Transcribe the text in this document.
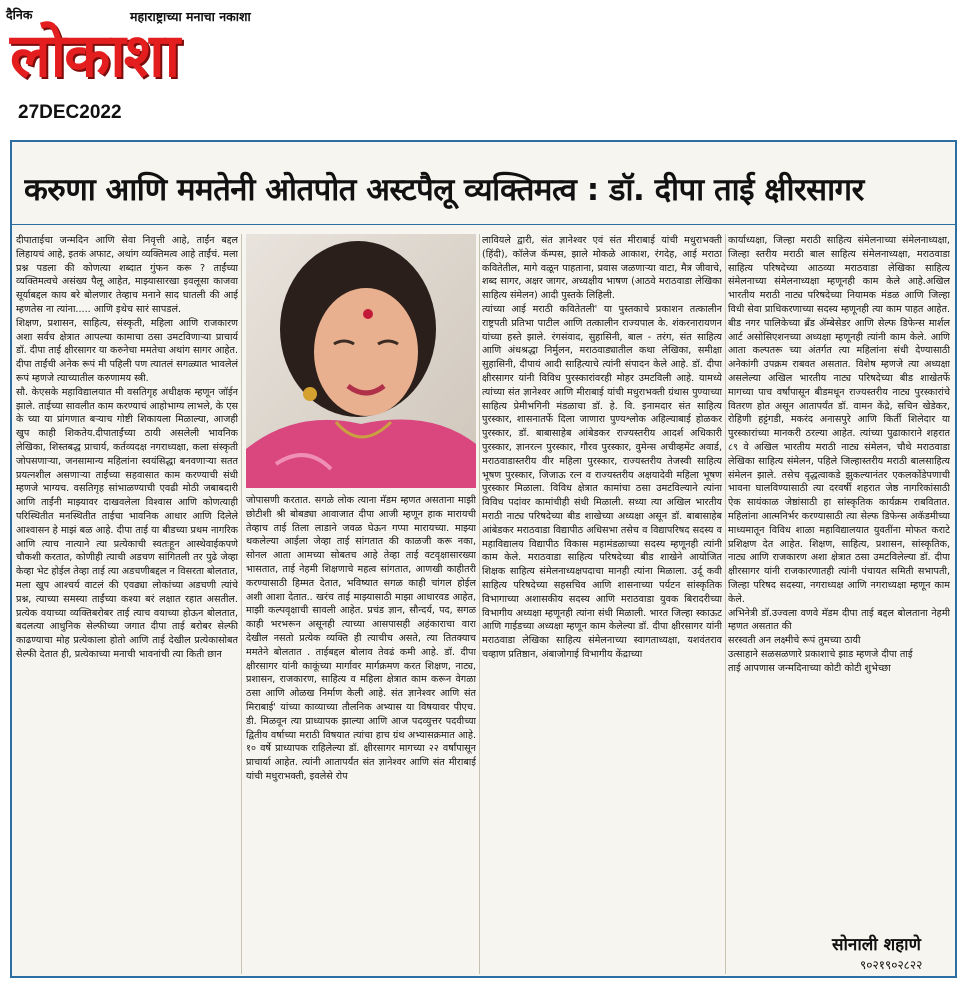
दैनिक	महाराष्ट्राच्या मनाचा नकाशा
लोकाशा
27DEC2022
करुणा आणि ममतेनी ओतपोत अस्टपैलू व्यक्तिमत्व : डॉ. दीपा ताई क्षीरसागर

दीपाताईचा जन्मदिन आणि सेवा निवृत्ती आहे, ताईंन बद्दल लिहायचं आहे, इतकं अफाट, अथांग व्यक्तिमत्व आहे ताईंचं. मला प्रश्न पडला की कोणत्या शब्दात गुंफन करू ? ताईंच्या व्यक्तिमत्वचे असंख्य पैलू आहेत, माझ्यासारखा इवलूसा काजवा सूर्याबद्दल काय बरे बोलणार तेव्हाच मनाने साद घातली की आई म्हणतेस ना त्यांना..... आणि इथेच सारं सापडलं.

शिक्षण, प्रशासन, साहित्य, संस्कृती, महिला आणि राजकारण अशा सर्वच क्षेत्रात आपल्या कामाचा ठसा उमटविणाऱ्या प्राचार्य डॉ. दीपा ताई क्षीरसागर या करुनेचा ममतेचा अथांग सागर आहेत. दीपा ताईंची अनेक रूपं मी पहिली पण त्यातलं सगळ्यात भावलेलं रूपं म्हणजे त्याच्यातील करुणामय स्त्री.

सौ. केएसके महाविद्यालयात मी वसतिगृह अधीक्षक म्हणून जॉईन झाले. ताईच्या सावलीत काम करण्याचं आहोभाग्य लाभले, के एस के च्या या प्रांगणात बऱ्याच गोष्टी शिकायला मिळाल्या, आजही खुप काही शिकतेय.दीपाताईंच्या ठायी असलेली भावनिक लेखिका, शिस्तबद्ध प्राचार्य, कर्तव्यदक्ष नगराध्यक्षा, कला संस्कृती जोपसणाऱ्या, जनसामान्य महिलांना स्वयंसिद्धा बनवणाऱ्या सतत प्रयत्नशील असणाऱ्या ताईंच्या सहवासात काम करण्याची संधी म्हणजे भाग्यच. वसतिगृह सांभाळण्याची एवढी मोठी जबाबदारी आणि ताईंनी माझ्यावर दाखवलेला विश्वास आणि कोणत्याही परिस्थितीत मनस्थितीत ताईचा भावनिक आधार आणि दिलेले आश्वासन हे माझं बळ आहे. दीपा ताई या बीडच्या प्रथम नागरिक आणि त्याच नात्याने त्या प्रत्येकाची स्वतःहून आस्थेवाईकपणे चौकशी करतात, कोणीही त्याची अडचण सांगितली तर पुढे जेव्हा केव्हा भेट होईल तेव्हा ताई त्या अडचणीबद्दल न विसरता बोलतात, मला खुप आश्चर्य वाटलं की एवढ्या लोकांच्या अडचणी त्यांचे प्रश्न, त्याच्या समस्या ताईंच्या कश्या बरं लक्षात रहात असतील. प्रत्येक वयाच्या व्यक्तिबरोबर ताई त्याच वयाच्या होऊन बोलतात, बदलत्या आधुनिक सेल्फीच्या जगात दीपा ताई बरोबर सेल्फी काढण्याचा मोह प्रत्येकाला होतो आणि ताई देखील प्रत्येकासोबत सेल्फी देतात ही, प्रत्येकाच्या मनाची भावनांची त्या किती छान

जोपासणी करतात. सगळे लोक त्याना मॅडम म्हणत असताना माझी छोटीशी श्री बोबड्या आवाजात दीपा आजी म्हणून हाक मारायची तेव्हाच ताई तिला लाडाने जवळ घेऊन गप्पा मारायच्या. माझ्या थकलेल्या आईला जेव्हा ताई सांगतात की काळजी करू नका, सोनल आता आमच्या सोबतच आहे तेव्हा ताई वटवृक्षासारख्या भासतात, ताई नेहमी शिक्षणाचे महत्व सांगतात, आणखी काहीतरी करण्यासाठी हिम्मत देतात, भविष्यात सगळ काही चांगल होईल अशी आशा देतात.. खरंच ताई माझ्यासाठी माझा आधारवड आहेत, माझी कल्पवृक्षाची सावली आहेत. प्रचंड ज्ञान, सौन्दर्य, पद, सगळ काही भरभरून असूनही त्याच्या आसपासही अहंकाराचा वारा देखील नसतो प्रत्येक व्यक्ति ही त्याचीच असते, त्या तितक्याच ममतेने बोलतात . ताईबद्दल बोलाव तेवढं कमी आहे. डॉ. दीपा क्षीरसागर यांनी काकूंच्या मार्गावर मार्गक्रमण करत शिक्षण, नाट्य, प्रशासन, राजकारण, साहित्य व महिला क्षेत्रात काम करून वेगळा ठसा आणि ओळख निर्माण केली आहे. संत ज्ञानेश्वर आणि संत मिराबाई' यांच्या काव्याच्या तौलनिक अभ्यास या विषयावर पीएच. डी. मिळवून त्या प्राध्यापक झाल्या आणि आज पदव्युत्तर पदवीच्या द्वितीय वर्षाच्या मराठी विषयात त्यांचा हाच ग्रंथ अभ्यासक्रमात आहे. १० वर्षे प्राध्यापक राहिलेल्या डॉ. क्षीरसागर मागच्या २२ वर्षांपासून प्राचार्या आहेत. त्यांनी आतापर्यंत संत ज्ञानेश्वर आणि संत मीराबाई यांची मधुराभक्ती, इवलेसे रोप

लावियले द्वारी, संत ज्ञानेश्वर एवं संत मीराबाई यांची मधुराभक्ती (हिंदी), कॉलेज कॅम्पस, झाले मोकळे आकाश, रंगदेह, आई मराठा कवितेतील, मागे वळून पाहताना, प्रवास जळणाऱ्या वाटा, मैत्र जीवाचे, शब्द सागर, अक्षर जागर, अध्यक्षीय भाषण (आठवे मराठवाडा लेखिका साहित्य संमेलन) आदी पुस्तके लिहिली.

त्यांच्या आई मराठी कवितेतली' या पुस्तकाचे प्रकाशन तत्कालीन राष्ट्रपती प्रतिभा पाटील आणि तत्कालीन राज्यपाल के. शंकरनारायणन यांच्या हस्ते झाले. रंगसंवाद, सुहासिनी, बाल - तरंग, संत साहित्य आणि अंधश्रद्धा निर्मुलन, मराठवाड्यातील कथा लेखिका, समीक्षा सुहासिनी, दीपायं आदी साहित्याचे त्यांनी संपादन केले आहे. डॉ. दीपा क्षीरसागर यांनी विविध पुरस्कारांवरही मोहर उमटविली आहे. यामध्ये त्यांच्या संत ज्ञानेश्वर आणि मीराबाई यांची मधुराभक्ती ग्रंथास पुण्याच्या साहित्य प्रेमीभगिनी मंडळाचा डॉ. हे. वि. इनामदार संत साहित्य पुरस्कार, शासनातर्फे दिला जाणारा पुण्यश्लोक अहिल्याबाई होळकर पुरस्कार, डॉ. बाबासाहेब आंबेडकर राज्यस्तरीय आदर्श अधिकारी पुरस्कार, ज्ञानरत्न पुरस्कार, गौरव पुरस्कार, वुमेन्स अचीव्हमेंट अवार्ड, मराठवाडास्तरीय वीर महिला पुरस्कार, राज्यस्तरीय तेजस्वी साहित्य भूषण पुरस्कार, जिजाऊ रत्न व राज्यस्तरीय अक्षयादेवी महिला भूषण पुरस्कार मिळाला. विविध क्षेत्रात कामांचा ठसा उमटविल्याने त्यांना विविध पदांवर कामांचीही संधी मिळाली. सध्या त्या अखिल भारतीय मराठी नाट्य परिषदेच्या बीड शाखेच्या अध्यक्षा असून डॉ. बाबासाहेब आंबेडकर मराठवाडा विद्यापीठ अधिसभा तसेच व विद्यापरिषद सदस्य व महाविद्यालय विद्यापीठ विकास महामंडळाच्या सदस्य म्हणूनही त्यांनी काम केले. मराठवाडा साहित्य परिषदेच्या बीड शाखेने आयोजित शिक्षक साहित्य संमेलनाध्यक्षपदाचा मानही त्यांना मिळाला. उर्दू कवी साहित्य परिषदेच्या सहसचिव आणि शासनाच्या पर्यटन सांस्कृतिक विभागाच्या अशासकीय सदस्य आणि मराठवाडा युवक बिरादरीच्या विभागीय अध्यक्षा म्हणूनही त्यांना संधी मिळाली. भारत जिल्हा स्काऊट आणि गाईडच्या अध्यक्षा म्हणून काम केलेल्या डॉ. दीपा क्षीरसागर यांनी मराठवाडा लेखिका साहित्य संमेलनाच्या स्वागताध्यक्षा, यशवंतराव चव्हाण प्रतिष्ठान, अंबाजोगाई विभागीय केंद्राच्या

कार्याध्यक्षा, जिल्हा मराठी साहित्य संमेलनाच्या संमेलनाध्यक्षा, जिल्हा स्तरीय मराठी बाल साहित्य संमेलनाध्यक्षा, मराठवाडा साहित्य परिषदेच्या आठव्या मराठवाडा लेखिका साहित्य संमेलनाच्या संमेलनाध्यक्षा म्हणूनही काम केले आहे.अखिल भारतीय मराठी नाट्य परिषदेच्या नियामक मंडळ आणि जिल्हा विधी सेवा प्राधिकरणाच्या सदस्य म्हणूनही त्या काम पाहत आहेत. बीड नगर पालिकेच्या ब्रँड ॲम्बेसेडर आणि सेल्फ डिफेन्स मार्शल आर्ट असोसिएशनच्या अध्यक्षा म्हणूनही त्यांनी काम केले. आणि आता कल्पतरू च्या अंतर्गत त्या महिलांना संधी देण्यासाठी अनेकांगी उपक्रम राबवत असतात. विशेष म्हणजे त्या अध्यक्षा असलेल्या अखिल भारतीय नाट्य परिषदेच्या बीड शाखेतर्फे मागच्या पाच वर्षांपासून बीडमधून राज्यस्तरीय नाट्य पुरस्कारांचे वितरण होत असून आतापर्यंत डॉ. वामन केंद्रे, सचिन खेडेकर, रोहिणी हट्टंगडी, मकरंद अनासपुरे आणि किर्ती शिलेदार या पुरस्कारांच्या मानकरी ठरल्या आहेत. त्यांच्या पुढाकाराने शहरात ८९ वे अखिल भारतीय मराठी नाट्य संमेलन, चौथे मराठवाडा लेखिका साहित्य संमेलन, पहिले जिल्हास्तरीय मराठी बालसाहित्य संमेलन झाले. तसेच वृद्धत्वाकडे झुकल्यानंतर एकलकोंडेपणाची भावना घालविण्यासाठी त्या दरवर्षी शहरात जेष्ठ नागरिकांसाठी ऐक सायंकाळ जेष्ठांसाठी हा सांस्कृतिक कार्यक्रम राबवितात. महिलांना आत्मनिर्भर करण्यासाठी त्या सेल्फ डिफेन्स अकॅडमीच्या माध्यमातून विविध शाळा महाविद्यालयात युवतींना मोफत कराटे प्रशिक्षण देत आहेत. शिक्षण, साहित्य, प्रशासन, सांस्कृतिक, नाट्य आणि राजकारण अशा क्षेत्रात ठसा उमटविलेल्या डॉ. दीपा क्षीरसागर यांनी राजकारणातही त्यांनी पंचायत समिती सभापती, जिल्हा परिषद सदस्या, नगराध्यक्ष आणि नगराध्यक्षा म्हणून काम केले.

अभिनेत्री डॉ.उज्वला वणवे मॅडम दीपा ताई बद्दल बोलताना नेहमी म्हणत असतात की

सरस्वती अन लक्ष्मीचे रूपं तुमच्या ठायी

उत्साहाने सळसळणारे प्रकाशाचे झाड म्हणजे दीपा ताई

ताई आपणास जन्मदिनाच्या कोटी कोटी शुभेच्छा

सोनाली शहाणे
९०२१९०२८२२
